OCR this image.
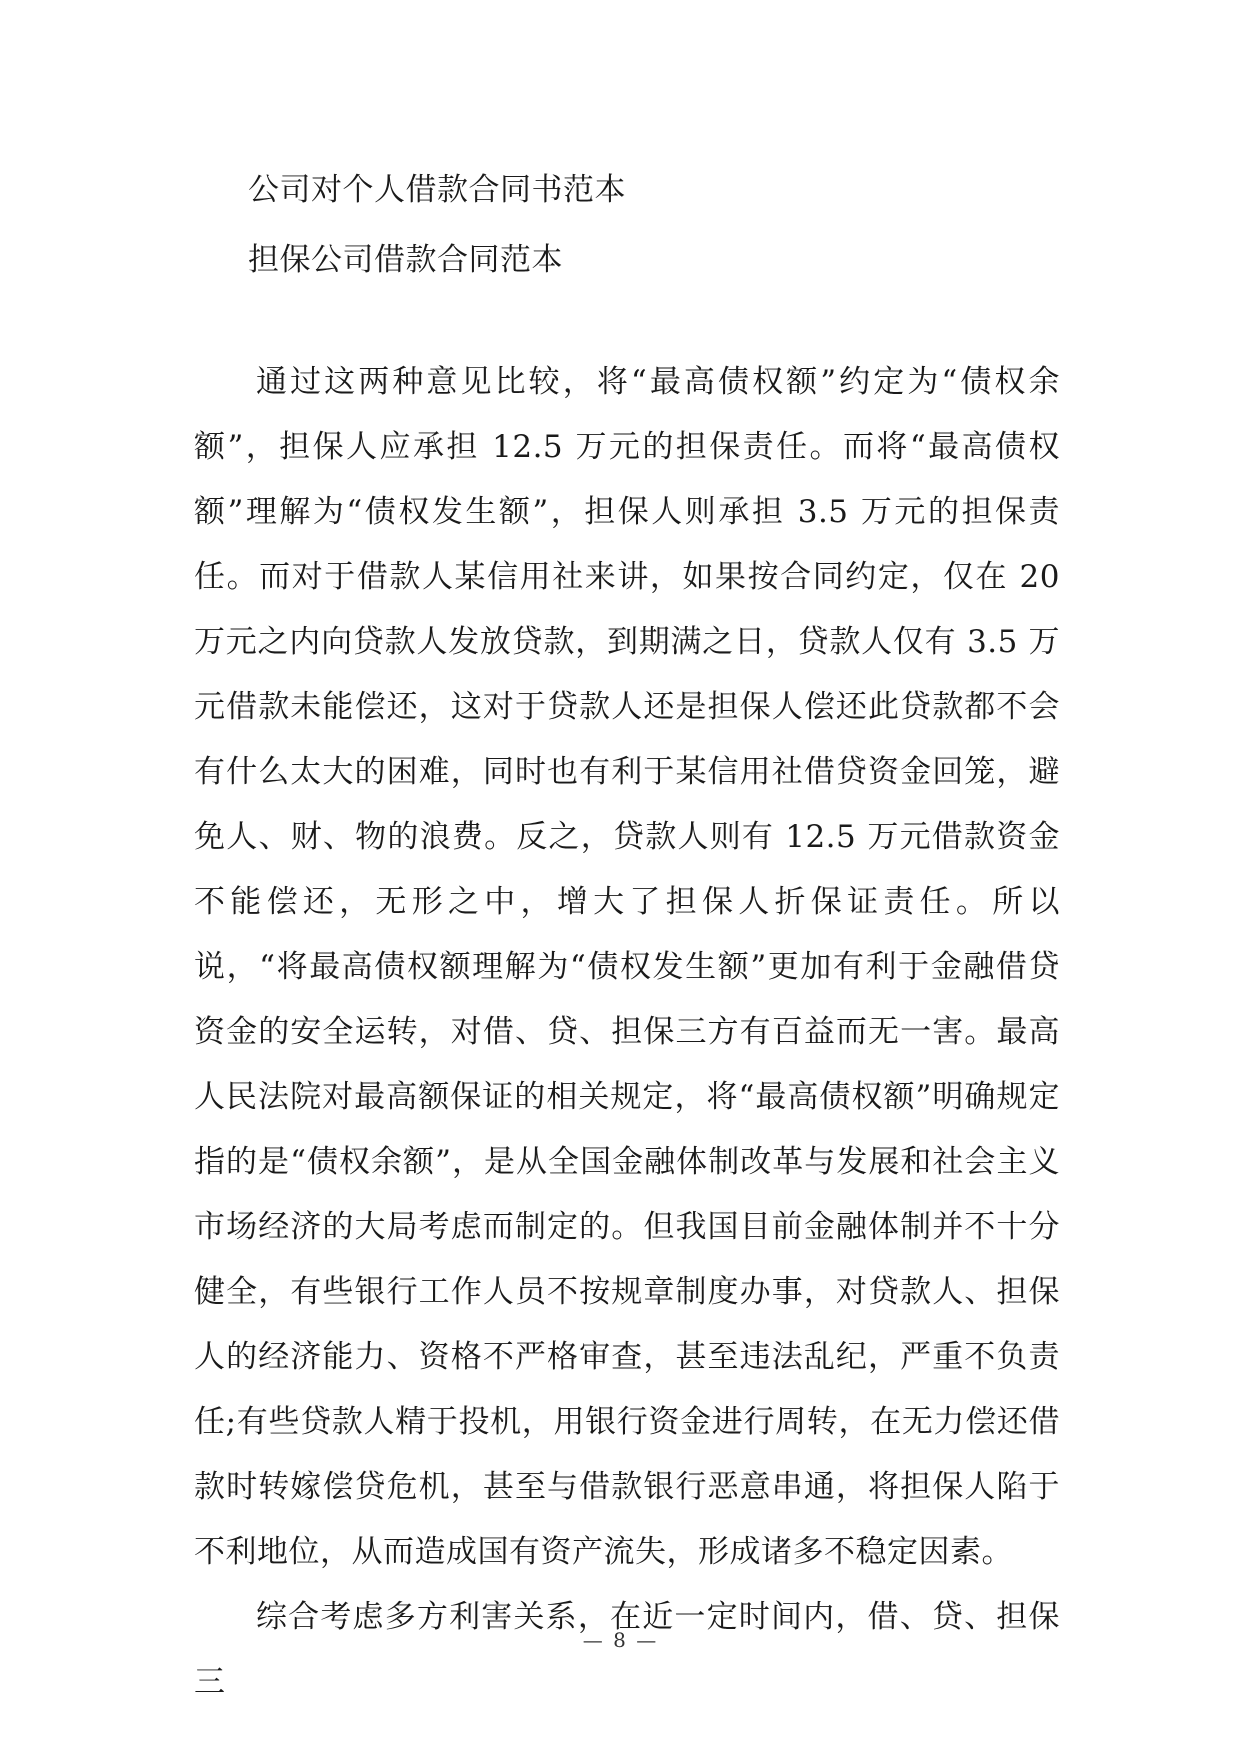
公司对个人借款合同书范本
担保公司借款合同范本

通过这两种意见比较，将“最高债权额”约定为“债权余额”，担保人应承担 12.5 万元的担保责任。而将“最高债权额”理解为“债权发生额”，担保人则承担 3.5 万元的担保责任。而对于借款人某信用社来讲，如果按合同约定，仅在 20 万元之内向贷款人发放贷款，到期满之日，贷款人仅有 3.5 万元借款未能偿还，这对于贷款人还是担保人偿还此贷款都不会有什么太大的困难，同时也有利于某信用社借贷资金回笼，避免人、财、物的浪费。反之，贷款人则有 12.5 万元借款资金不能偿还，无形之中，增大了担保人折保证责任。所以说，“将最高债权额理解为“债权发生额”更加有利于金融借贷资金的安全运转，对借、贷、担保三方有百益而无一害。最高人民法院对最高额保证的相关规定，将“最高债权额”明确规定指的是“债权余额”，是从全国金融体制改革与发展和社会主义市场经济的大局考虑而制定的。但我国目前金融体制并不十分健全，有些银行工作人员不按规章制度办事，对贷款人、担保人的经济能力、资格不严格审查，甚至违法乱纪，严重不负责任;有些贷款人精于投机，用银行资金进行周转，在无力偿还借款时转嫁偿贷危机，甚至与借款银行恶意串通，将担保人陷于不利地位，从而造成国有资产流失，形成诸多不稳定因素。

综合考虑多方利害关系，在近一定时间内，借、贷、担保三

— 8 —
